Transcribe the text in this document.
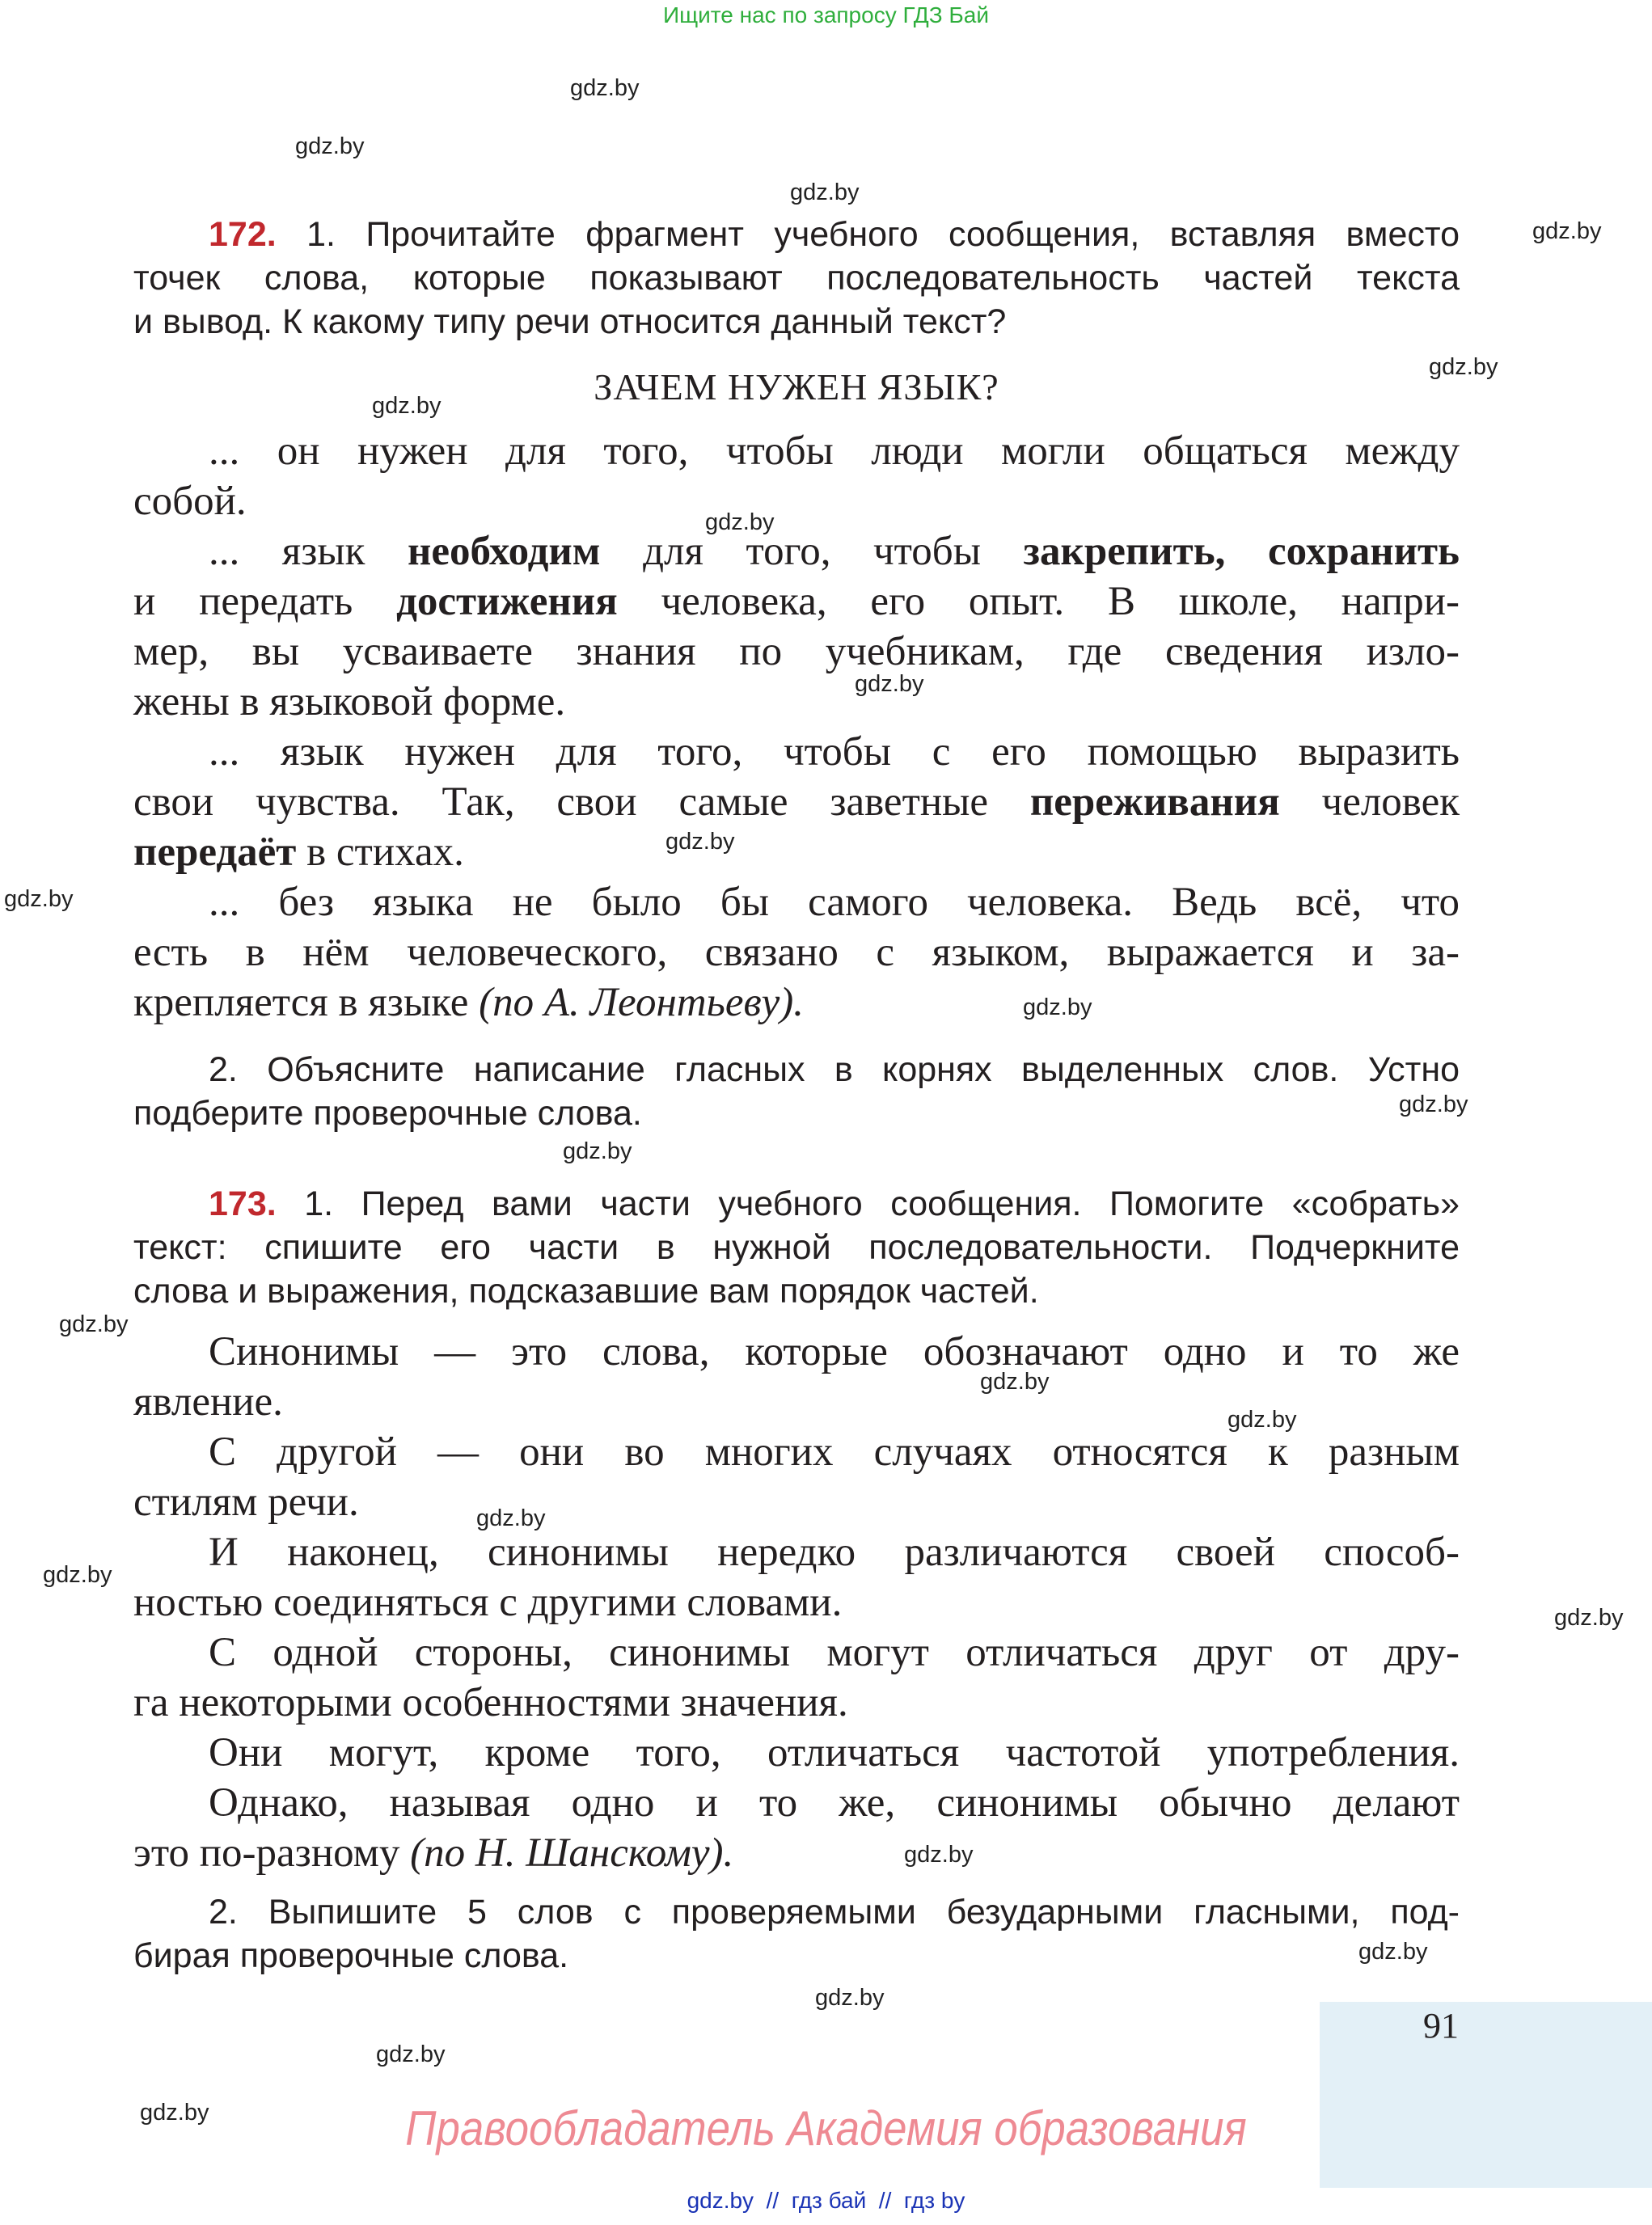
Ищите нас по запросу ГДЗ Бай
gdz.by
gdz.by
gdz.by
gdz.by
gdz.by
gdz.by
gdz.by
gdz.by
gdz.by
gdz.by
gdz.by
gdz.by
gdz.by
gdz.by
gdz.by
gdz.by
gdz.by
gdz.by
gdz.by
gdz.by
gdz.by
gdz.by
gdz.by
gdz.by
172. 1. Прочитайте фрагмент учебного сообщения, вставляя вместо
точек слова, которые показывают последовательность частей текста
и вывод. К какому типу речи относится данный текст?
ЗАЧЕМ НУЖЕН ЯЗЫК?
... он нужен для того, чтобы люди могли общаться между
собой.
... язык необходим для того, чтобы закрепить, сохранить
и передать достижения человека, его опыт. В школе, напри-
мер, вы усваиваете знания по учебникам, где сведения изло-
жены в языковой форме.
... язык нужен для того, чтобы с его помощью выразить
свои чувства. Так, свои самые заветные переживания человек
передаёт в стихах.
... без языка не было бы самого человека. Ведь всё, что
есть в нём человеческого, связано с языком, выражается и за-
крепляется в языке (по А. Леонтьеву).
2. Объясните написание гласных в корнях выделенных слов. Устно
подберите проверочные слова.
173. 1. Перед вами части учебного сообщения. Помогите «собрать»
текст: спишите его части в нужной последовательности. Подчеркните
слова и выражения, подсказавшие вам порядок частей.
Синонимы — это слова, которые обозначают одно и то же
явление.
С другой — они во многих случаях относятся к разным
стилям речи.
И наконец, синонимы нередко различаются своей способ-
ностью соединяться с другими словами.
С одной стороны, синонимы могут отличаться друг от дру-
га некоторыми особенностями значения.
Они могут, кроме того, отличаться частотой употребления.
Однако, называя одно и то же, синонимы обычно делают
это по-разному (по Н. Шанскому).
2. Выпишите 5 слов с проверяемыми безударными гласными, под-
бирая проверочные слова.
91
Правообладатель Академия образования
gdz.by  //  гдз бай  //  гдз by
